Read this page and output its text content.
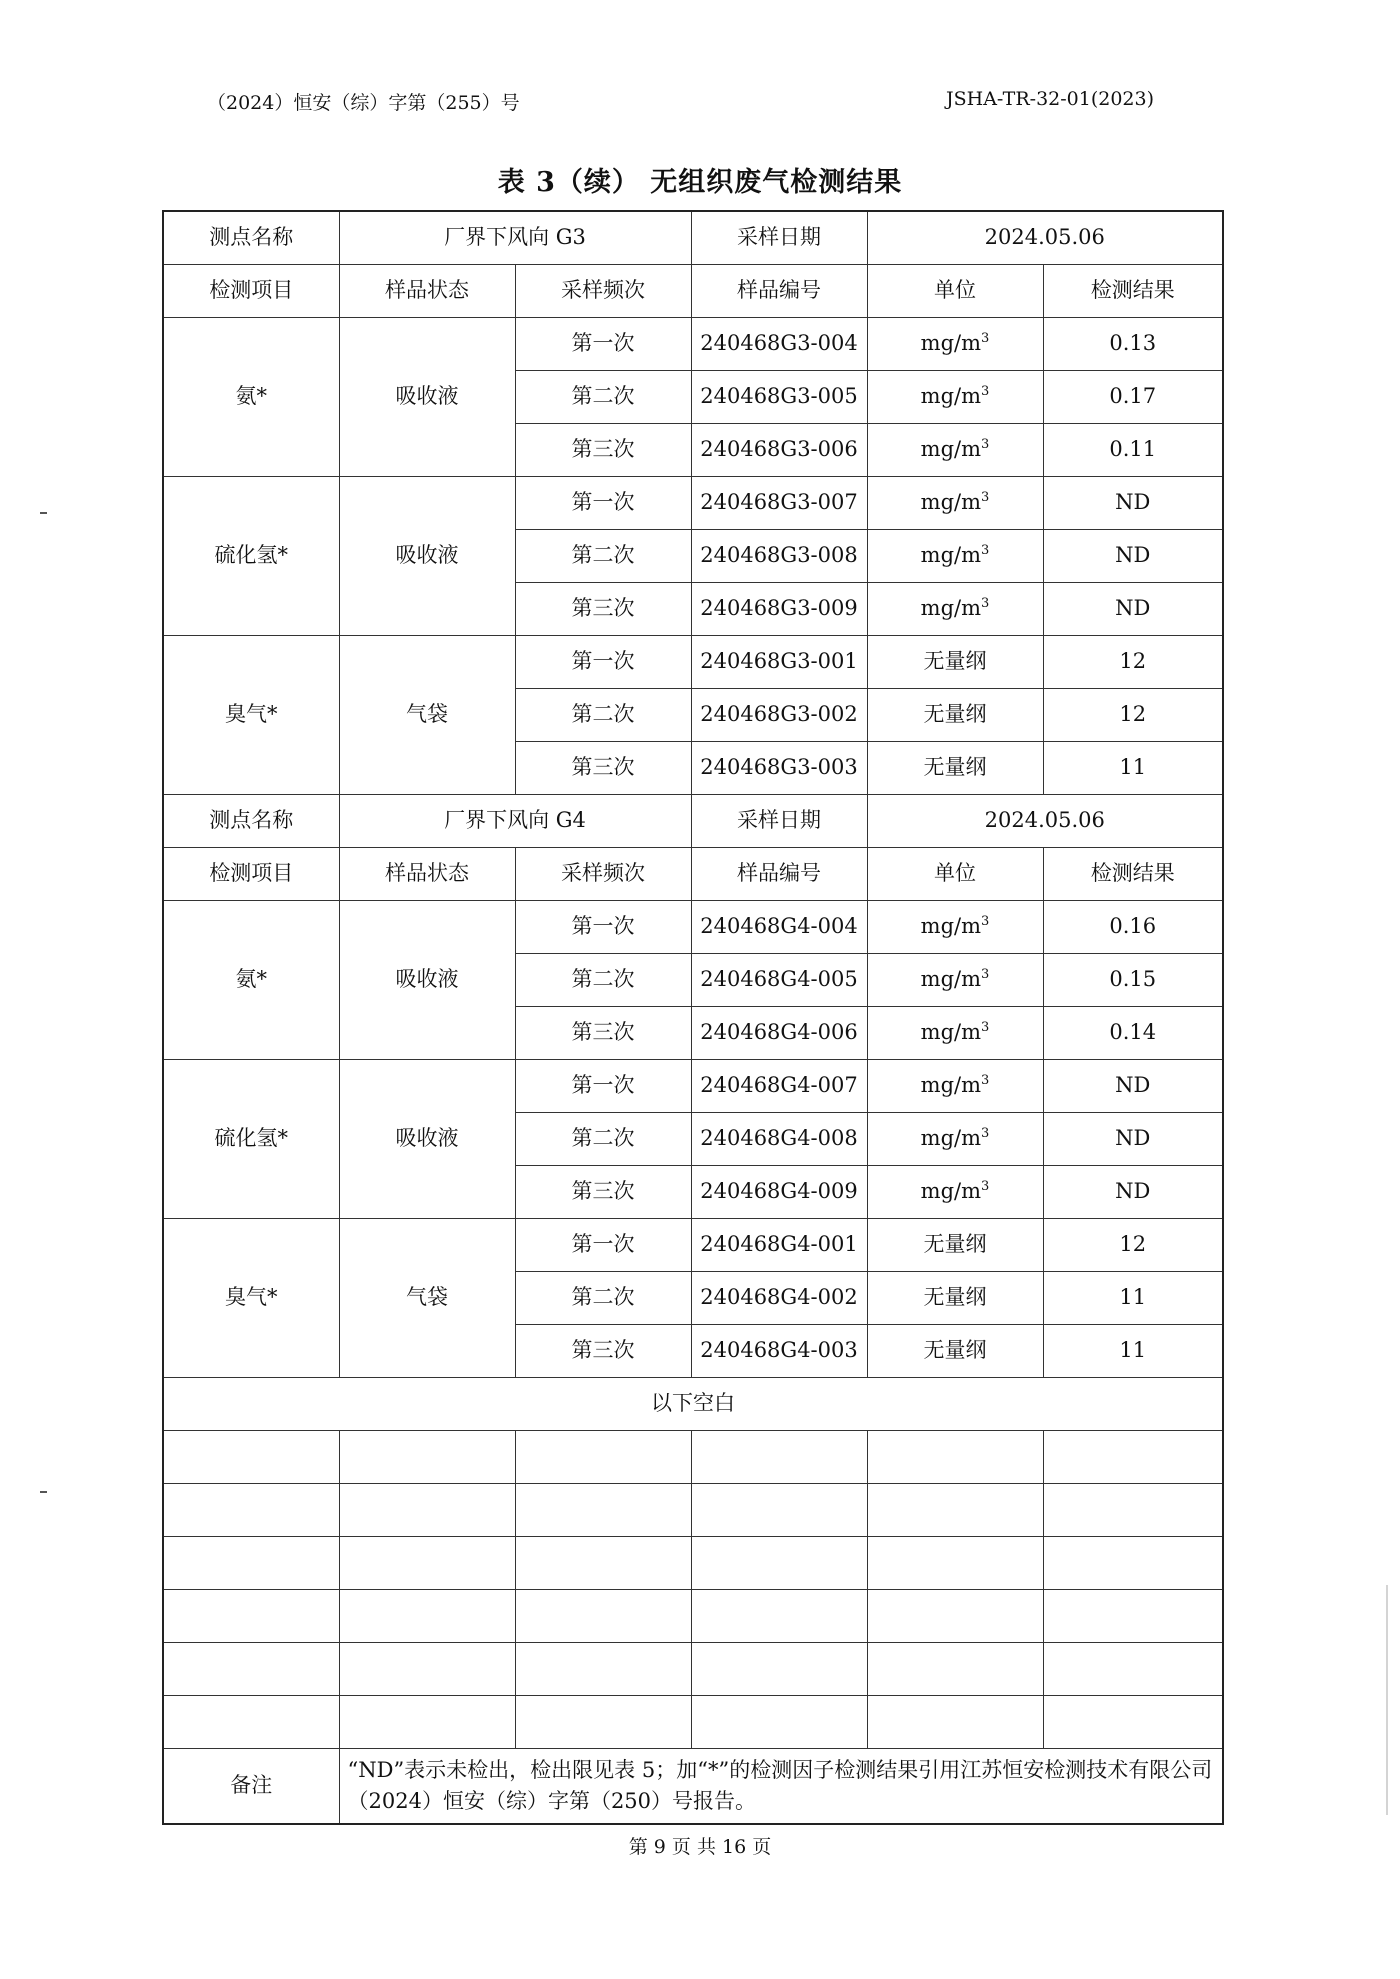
（2024）恒安（综）字第（255）号	JSHA-TR-32-01(2023)
表 3（续） 无组织废气检测结果
测点名称	厂界下风向 G3		采样日期	2024.05.06	
检测项目	样品状态	采样频次	样品编号	单位	检测结果
氨*	吸收液	第一次	240468G3-004	$mg/m^3$	0.13
		第二次	240468G3-005	$mg/m^3$	0.17
		第三次	240468G3-006	$mg/m^3$	0.11
硫化氢*	吸收液	第一次	240468G3-007	$mg/m^3$	ND
		第二次	240468G3-008	$mg/m^3$	ND
		第三次	240468G3-009	$mg/m^3$	ND
臭气*	气袋	第一次	240468G3-001	无量纲	12
		第二次	240468G3-002	无量纲	12
		第三次	240468G3-003	无量纲	11
测点名称	厂界下风向 G4		采样日期	2024.05.06	
检测项目	样品状态	采样频次	样品编号	单位	检测结果
氨*	吸收液	第一次	240468G4-004	$mg/m^3$	0.16
		第二次	240468G4-005	$mg/m^3$	0.15
		第三次	240468G4-006	$mg/m^3$	0.14
硫化氢*	吸收液	第一次	240468G4-007	$mg/m^3$	ND
		第二次	240468G4-008	$mg/m^3$	ND
		第三次	240468G4-009	$mg/m^3$	ND
臭气*	气袋	第一次	240468G4-001	无量纲	12
		第二次	240468G4-002	无量纲	11
		第三次	240468G4-003	无量纲	11
以下空白					

备注	“ND”表示未检出，检出限见表 5；加“*”的检测因子检测结果引用江苏恒安检测技术有限公司（2024）恒安（综）字第（250）号报告。				
第 9 页 共 16 页
